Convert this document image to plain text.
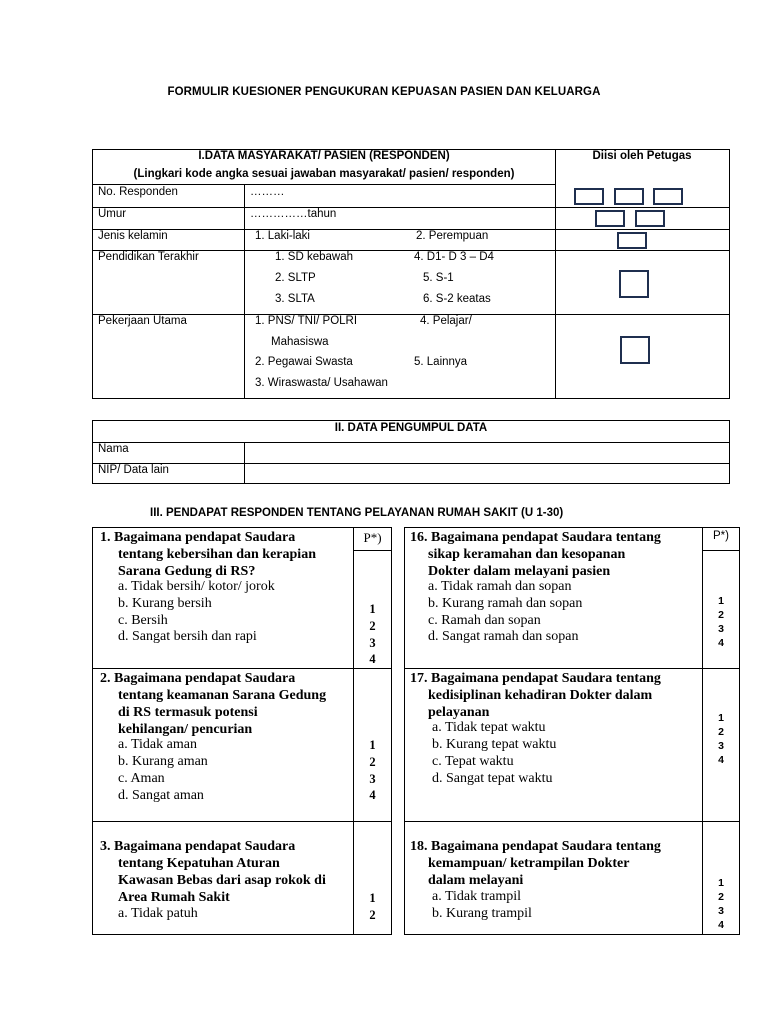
FORMULIR KUESIONER PENGUKURAN KEPUASAN PASIEN DAN KELUARGA
I.DATA MASYARAKAT/ PASIEN (RESPONDEN)
(Lingkari kode angka sesuai jawaban masyarakat/ pasien/ responden)
Diisi oleh Petugas
No. Responden	………
Umur	……………tahun
Jenis kelamin	1. Laki-laki	2. Perempuan
Pendidikan Terakhir	1. SD kebawah	4. D1- D 3 – D4
2. SLTP	5. S-1
3. SLTA	6. S-2 keatas
Pekerjaan Utama	1. PNS/ TNI/ POLRI	4. Pelajar/
Mahasiswa
2. Pegawai Swasta	5. Lainnya
3. Wiraswasta/ Usahawan
II. DATA PENGUMPUL DATA
Nama
NIP/ Data lain
III. PENDAPAT RESPONDEN TENTANG PELAYANAN RUMAH SAKIT (U 1-30)
1. Bagaimana pendapat Saudara
tentang kebersihan dan kerapian
Sarana Gedung di RS?
a. Tidak bersih/ kotor/ jorok
b. Kurang bersih
c. Bersih
d. Sangat bersih dan rapi
P*)
1
2
3
4
2. Bagaimana pendapat Saudara
tentang keamanan Sarana Gedung
di RS termasuk potensi
kehilangan/ pencurian
a. Tidak aman
b. Kurang aman
c. Aman
d. Sangat aman
1
2
3
4
3. Bagaimana pendapat Saudara
tentang Kepatuhan Aturan
Kawasan Bebas dari asap rokok di
Area Rumah Sakit
a. Tidak patuh
1
2
16. Bagaimana pendapat Saudara tentang
sikap keramahan dan kesopanan
Dokter dalam melayani pasien
a. Tidak ramah dan sopan
b. Kurang ramah dan sopan
c. Ramah dan sopan
d. Sangat ramah dan sopan
P*)
1
2
3
4
17. Bagaimana pendapat Saudara tentang
kedisiplinan kehadiran Dokter dalam
pelayanan
a. Tidak tepat waktu
b. Kurang tepat waktu
c. Tepat waktu
d. Sangat tepat waktu
1
2
3
4
18. Bagaimana pendapat Saudara tentang
kemampuan/ ketrampilan Dokter
dalam melayani
a. Tidak trampil
b. Kurang trampil
1
2
3
4
